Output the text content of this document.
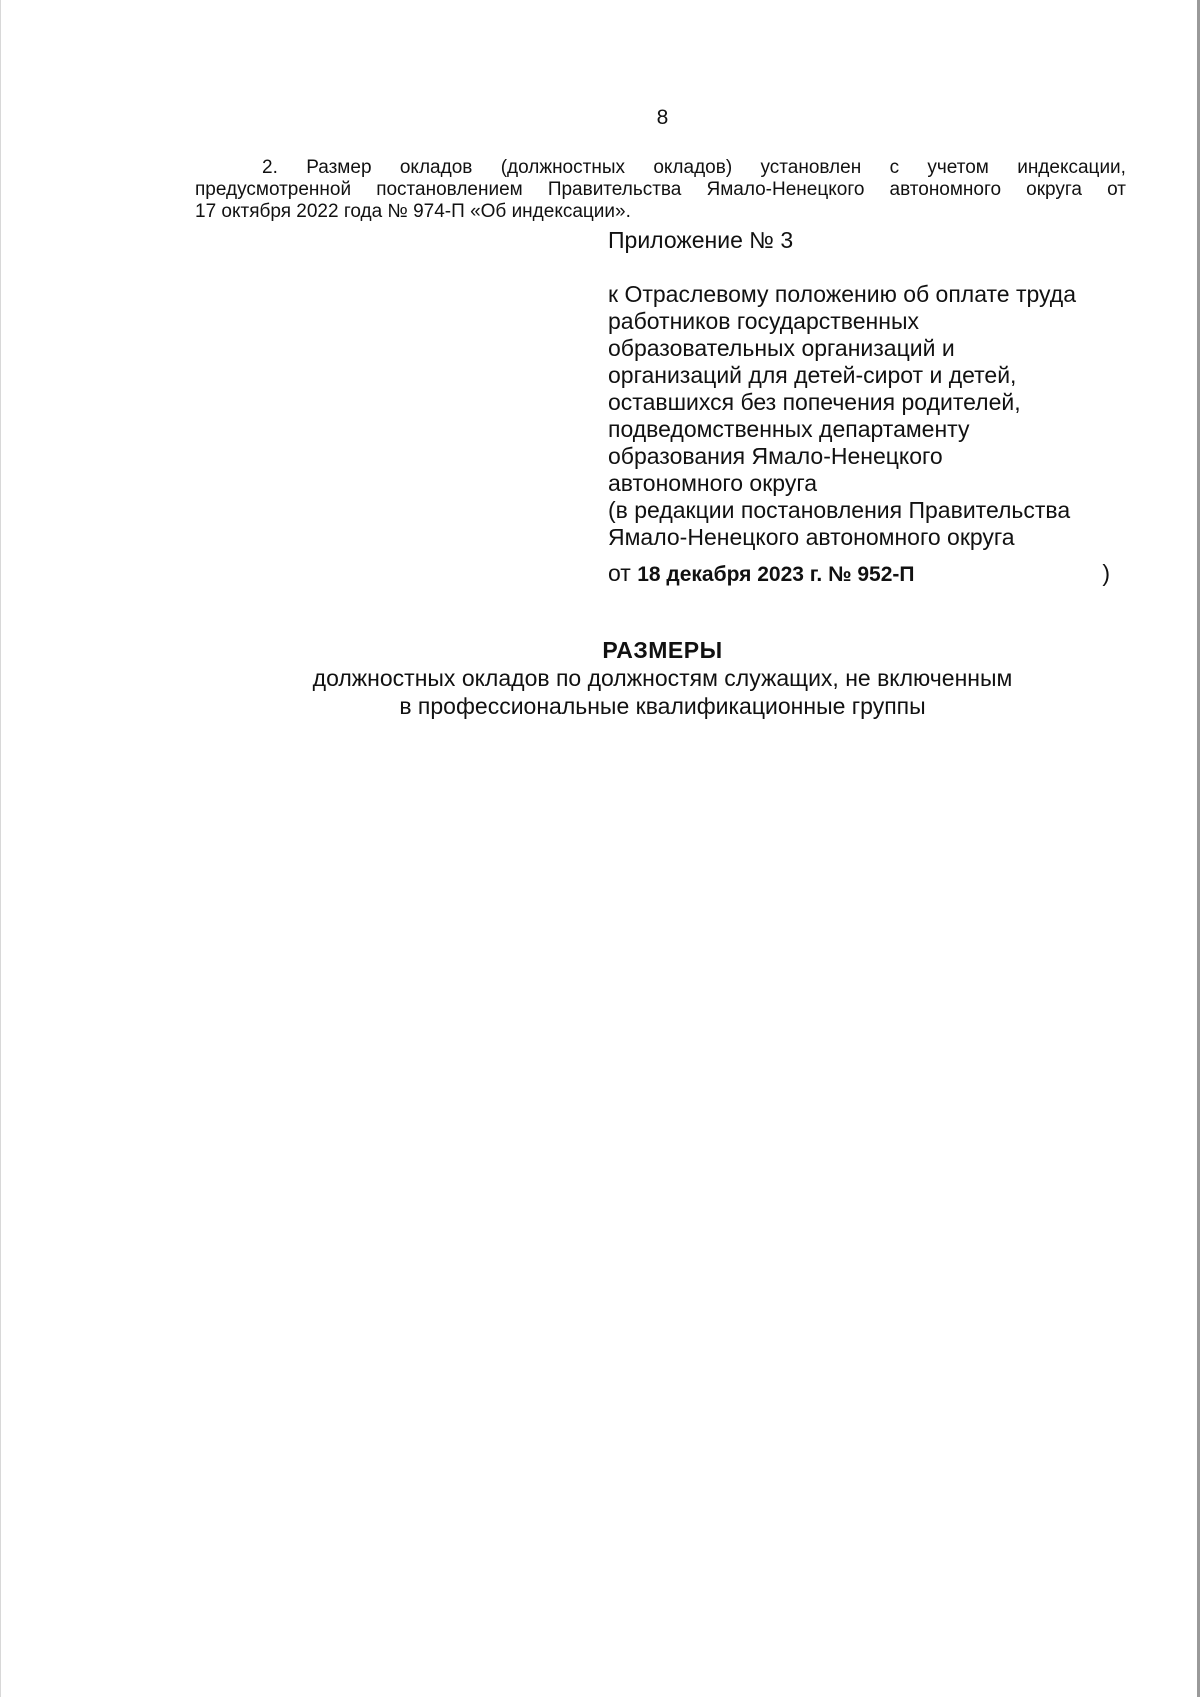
8
2. Размер окладов (должностных окладов) установлен с учетом индексации,
предусмотренной постановлением Правительства Ямало-Ненецкого автономного округа от
17 октября 2022 года № 974-П «Об индексации».
Приложение № 3
к Отраслевому положению об оплате труда
работников государственных
образовательных организаций и
организаций для детей-сирот и детей,
оставшихся без попечения родителей,
подведомственных департаменту
образования Ямало-Ненецкого
автономного округа
(в редакции постановления Правительства
Ямало-Ненецкого автономного округа
от 18 декабря 2023 г. № 952-П	)
РАЗМЕРЫ
должностных окладов по должностям служащих, не включенным
в профессиональные квалификационные группы
